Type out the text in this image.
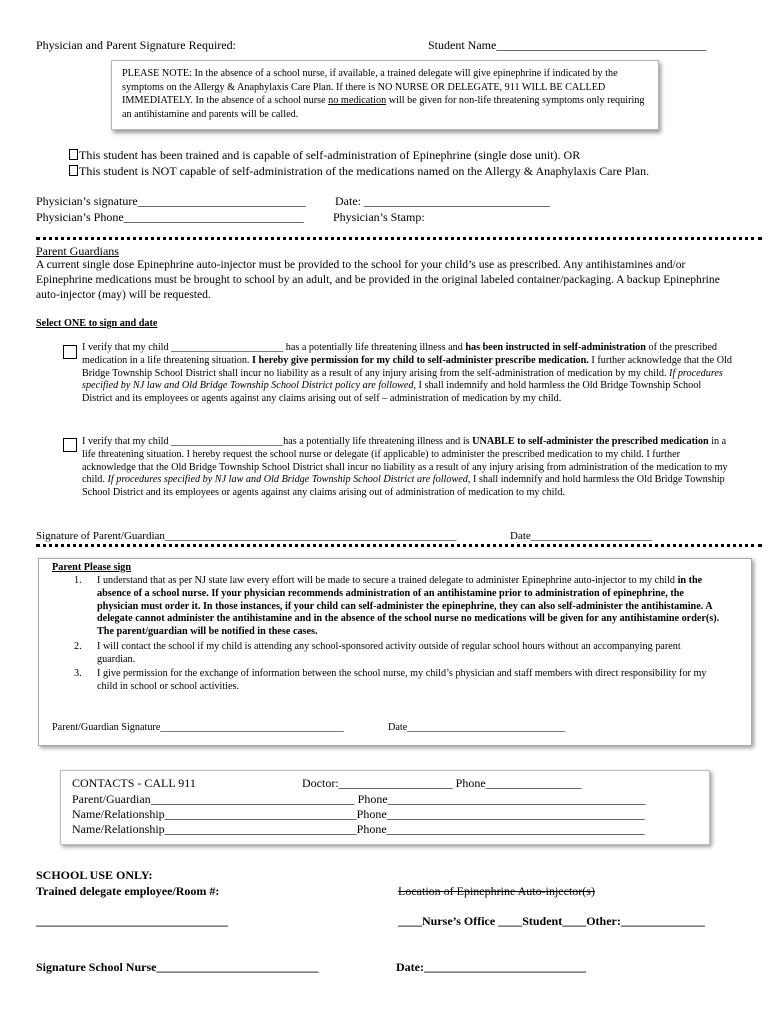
Physician and Parent Signature Required:	Student Name___________________________________
PLEASE NOTE: In the absence of a school nurse, if available, a trained delegate will give epinephrine if indicated by the symptoms on the Allergy & Anaphylaxis Care Plan. If there is NO NURSE OR DELEGATE, 911 WILL BE CALLED IMMEDIATELY. In the absence of a school nurse no medication will be given for non-life threatening symptoms only requiring an antihistamine and parents will be called.
This student has been trained and is capable of self-administration of Epinephrine (single dose unit). OR
This student is NOT capable of self-administration of the medications named on the Allergy & Anaphylaxis Care Plan.
Physician’s signature____________________________ Date: _______________________________
Physician’s Phone______________________________ Physician’s Stamp:
Parent Guardians
A current single dose Epinephrine auto-injector must be provided to the school for your child’s use as prescribed. Any antihistamines and/or Epinephrine medications must be brought to school by an adult, and be provided in the original labeled container/packaging. A backup Epinephrine auto-injector (may) will be requested.
Select ONE to sign and date
I verify that my child ______________________ has a potentially life threatening illness and has been instructed in self-administration of the prescribed medication in a life threatening situation. I hereby give permission for my child to self-administer prescribe medication. I further acknowledge that the Old Bridge Township School District shall incur no liability as a result of any injury arising from the self-administration of medication by my child. If procedures specified by NJ law and Old Bridge Township School District policy are followed, I shall indemnify and hold harmless the Old Bridge Township School District and its employees or agents against any claims arising out of self – administration of medication by my child.
I verify that my child ______________________has a potentially life threatening illness and is UNABLE to self-administer the prescribed medication in a life threatening situation. I hereby request the school nurse or delegate (if applicable) to administer the prescribed medication to my child. I further acknowledge that the Old Bridge Township School District shall incur no liability as a result of any injury arising from administration of the medication to my child. If procedures specified by NJ law and Old Bridge Township School District are followed, I shall indemnify and hold harmless the Old Bridge Township School District and its employees or agents against any claims arising out of administration of medication to my child.
Signature of Parent/Guardian_____________________________________________________	Date______________________
Parent Please sign
1. I understand that as per NJ state law every effort will be made to secure a trained delegate to administer Epinephrine auto-injector to my child in the absence of a school nurse. If your physician recommends administration of an antihistamine prior to administration of epinephrine, the physician must order it. In those instances, if your child can self-administer the epinephrine, they can also self-administer the antihistamine. A delegate cannot administer the antihistamine and in the absence of the school nurse no medications will be given for any antihistamine order(s). The parent/guardian will be notified in these cases.
2. I will contact the school if my child is attending any school-sponsored activity outside of regular school hours without an accompanying parent guardian.
3. I give permission for the exchange of information between the school nurse, my child’s physician and staff members with direct responsibility for my child in school or school activities.
Parent/Guardian Signature____________________________________	Date_______________________________
CONTACTS - CALL 911	Doctor:___________________ Phone________________
Parent/Guardian__________________________________ Phone___________________________________________
Name/Relationship________________________________Phone___________________________________________
Name/Relationship________________________________Phone___________________________________________
SCHOOL USE ONLY:
Trained delegate employee/Room #:	Location of Epinephrine Auto-injector(s)
________________________________	____Nurse’s Office ____Student____Other:______________
Signature School Nurse___________________________	Date:___________________________
